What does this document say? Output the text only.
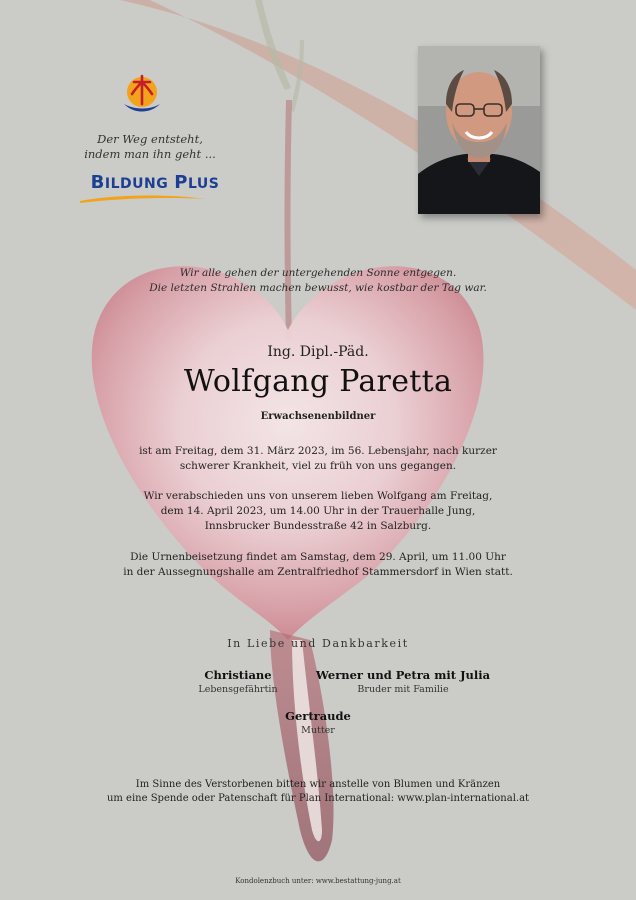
Der Weg entsteht,
indem man ihn geht ...
BILDUNG PLUS
Wir alle gehen der untergehenden Sonne entgegen.
Die letzten Strahlen machen bewusst, wie kostbar der Tag war.
Ing. Dipl.-Päd.
Wolfgang Paretta
Erwachsenenbildner
ist am Freitag, dem 31. März 2023, im 56. Lebensjahr, nach kurzer
schwerer Krankheit, viel zu früh von uns gegangen.
Wir verabschieden uns von unserem lieben Wolfgang am Freitag,
dem 14. April 2023, um 14.00 Uhr in der Trauerhalle Jung,
Innsbrucker Bundesstraße 42 in Salzburg.
Die Urnenbeisetzung findet am Samstag, dem 29. April, um 11.00 Uhr
in der Aussegnungshalle am Zentralfriedhof Stammersdorf in Wien statt.
In Liebe und Dankbarkeit
Christiane
Lebensgefährtin
Werner und Petra mit Julia
Bruder mit Familie
Gertraude
Mutter
Im Sinne des Verstorbenen bitten wir anstelle von Blumen und Kränzen
um eine Spende oder Patenschaft für Plan International: www.plan-international.at
Kondolenzbuch unter: www.bestattung-jung.at
